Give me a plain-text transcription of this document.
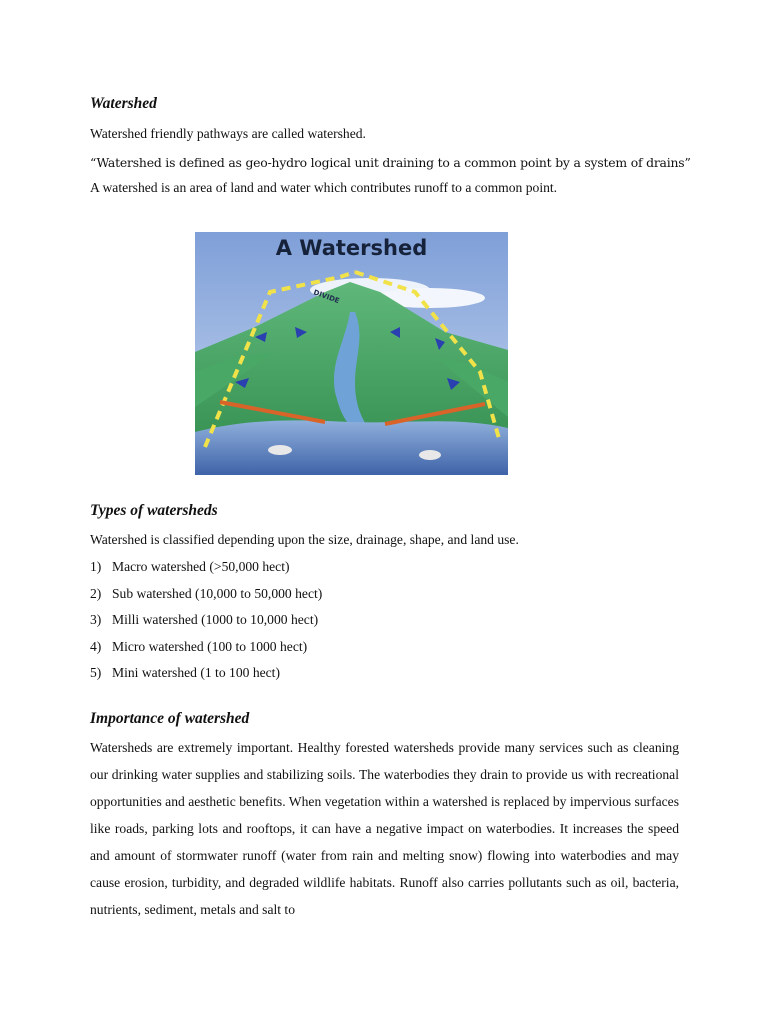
Watershed

Watershed friendly pathways are called watershed.

“Watershed is defined as geo-hydro logical unit draining to a common point by a system of drains”

A watershed is an area of land and water which contributes runoff to a common point.

DIVIDE
A Watershed
Types of watersheds

Watershed is classified depending upon the size, drainage, shape, and land use.

1) Macro watershed (>50,000 hect)
2) Sub watershed (10,000 to 50,000 hect)
3) Milli watershed (1000 to 10,000 hect)
4) Micro watershed (100 to 1000 hect)
5) Mini watershed (1 to 100 hect)
Importance of watershed

Watersheds are extremely important. Healthy forested watersheds provide many services such as cleaning our drinking water supplies and stabilizing soils. The waterbodies they drain to provide us with recreational opportunities and aesthetic benefits. When vegetation within a watershed is replaced by impervious surfaces like roads, parking lots and rooftops, it can have a negative impact on waterbodies. It increases the speed and amount of stormwater runoff (water from rain and melting snow) flowing into waterbodies and may cause erosion, turbidity, and degraded wildlife habitats. Runoff also carries pollutants such as oil, bacteria, nutrients, sediment, metals and salt to
